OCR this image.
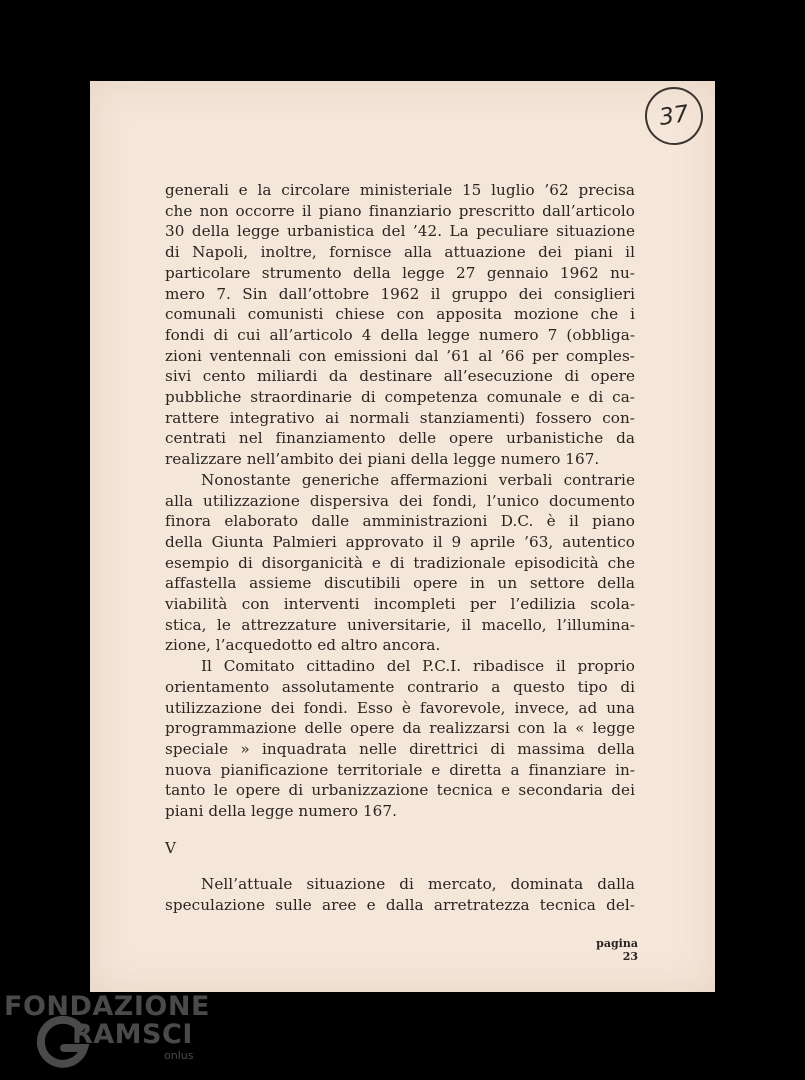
37

generali e la circolare ministeriale 15 luglio ’62 precisa

che non occorre il piano finanziario prescritto dall’articolo

30 della legge urbanistica del ’42. La peculiare situazione

di Napoli, inoltre, fornisce alla attuazione dei piani il

particolare strumento della legge 27 gennaio 1962 nu-

mero 7. Sin dall’ottobre 1962 il gruppo dei consiglieri

comunali comunisti chiese con apposita mozione che i

fondi di cui all’articolo 4 della legge numero 7 (obbliga-

zioni ventennali con emissioni dal ’61 al ’66 per comples-

sivi cento miliardi da destinare all’esecuzione di opere

pubbliche straordinarie di competenza comunale e di ca-

rattere integrativo ai normali stanziamenti) fossero con-

centrati nel finanziamento delle opere urbanistiche da

realizzare nell’ambito dei piani della legge numero 167.

Nonostante generiche affermazioni verbali contrarie

alla utilizzazione dispersiva dei fondi, l’unico documento

finora elaborato dalle amministrazioni D.C. è il piano

della Giunta Palmieri approvato il 9 aprile ’63, autentico

esempio di disorganicità e di tradizionale episodicità che

affastella assieme discutibili opere in un settore della

viabilità con interventi incompleti per l’edilizia scola-

stica, le attrezzature universitarie, il macello, l’illumina-

zione, l’acquedotto ed altro ancora.

Il Comitato cittadino del P.C.I. ribadisce il proprio

orientamento assolutamente contrario a questo tipo di

utilizzazione dei fondi. Esso è favorevole, invece, ad una

programmazione delle opere da realizzarsi con la « legge

speciale » inquadrata nelle direttrici di massima della

nuova pianificazione territoriale e diretta a finanziare in-

tanto le opere di urbanizzazione tecnica e secondaria dei

piani della legge numero 167.

V

Nell’attuale situazione di mercato, dominata dalla

speculazione sulle aree e dalla arretratezza tecnica del-

pagina 23
FONDAZIONE
RAMSCI
onlus
